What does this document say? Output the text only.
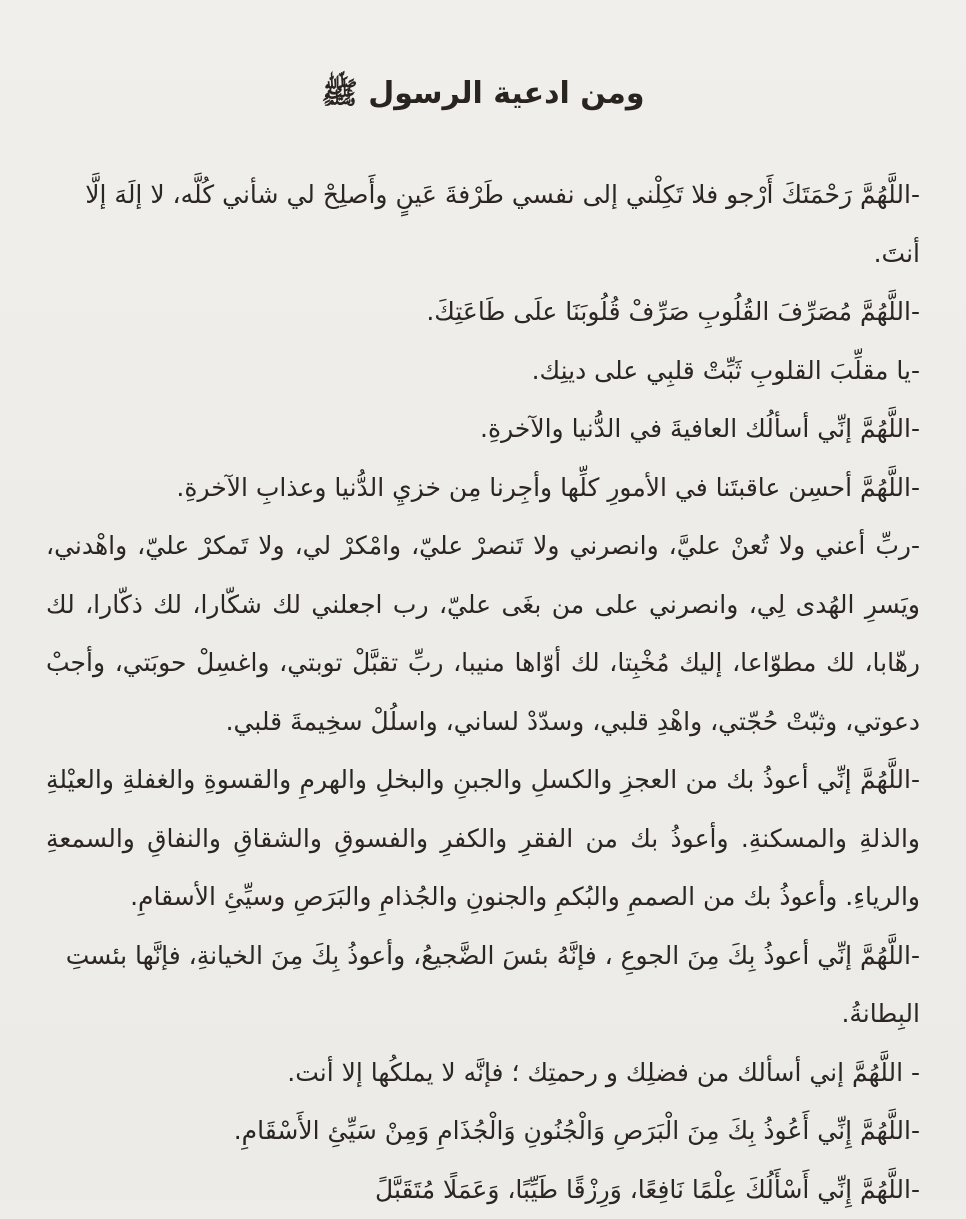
ومن ادعية الرسول ﷺ
-اللَّهُمَّ رَحْمَتَكَ أَرْجو فلا تَكِلْني إلى نفسي طَرْفةَ عَينٍ وأَصلِحْ لي شأني كُلَّه، لا إلَهَ إلَّا أنتَ.
-اللَّهُمَّ مُصَرِّفَ القُلُوبِ صَرِّفْ قُلُوبَنَا علَى طَاعَتِكَ.
-يا مقلِّبَ القلوبِ ثَبِّتْ قلبِي على دينِك.
-اللَّهُمَّ إنِّي أسألُك العافيةَ في الدُّنيا والآخرةِ.
-اللَّهُمَّ أحسِن عاقبتَنا في الأمورِ كلِّها وأجِرنا مِن خزيِ الدُّنيا وعذابِ الآخرةِ.
-ربِّ أعني ولا تُعنْ عليَّ، وانصرني ولا تَنصرْ عليّ، وامْكرْ لي، ولا تَمكرْ عليّ، واهْدني، ويَسرِ الهُدى لِي، وانصرني على من بغَى عليّ، رب اجعلني لك شكّارا، لك ذكّارا، لك رهّابا، لك مطوّاعا، إليك مُخْبِتا، لك أوّاها منيبا، ربِّ تقبَّلْ توبتي، واغسِلْ حوبَتي، وأجبْ دعوتي، وثبّتْ حُجّتي، واهْدِ قلبي، وسدّدْ لساني، واسلُلْ سخِيمةَ قلبي.
-اللَّهُمَّ إنِّي أعوذُ بك من العجزِ والكسلِ والجبنِ والبخلِ والهرمِ والقسوةِ والغفلةِ والعيْلةِ والذلةِ والمسكنةِ. وأعوذُ بك من الفقرِ والكفرِ والفسوقِ والشقاقِ والنفاقِ والسمعةِ والرياءِ. وأعوذُ بك من الصممِ والبُكمِ والجنونِ والجُذامِ والبَرَصِ وسيِّئِ الأسقامِ.
-اللَّهُمَّ إنِّي أعوذُ بِكَ مِنَ الجوعِ ، فإنَّهُ بئسَ الضَّجيعُ، وأعوذُ بِكَ مِنَ الخيانةِ، فإنَّها بئستِ البِطانةُ.
- اللَّهُمَّ إني أسألك من فضلِك و رحمتِك ؛ فإنَّه لا يملكُها إلا أنت.
-اللَّهُمَّ إِنِّي أَعُوذُ بِكَ مِنَ الْبَرَصِ وَالْجُنُونِ وَالْجُذَامِ وَمِنْ سَيِّئِ الأَسْقَامِ.
-اللَّهُمَّ إِنِّي أَسْأَلُكَ عِلْمًا نَافِعًا، وَرِزْقًا طَيِّبًا، وَعَمَلًا مُتَقَبَّلً
